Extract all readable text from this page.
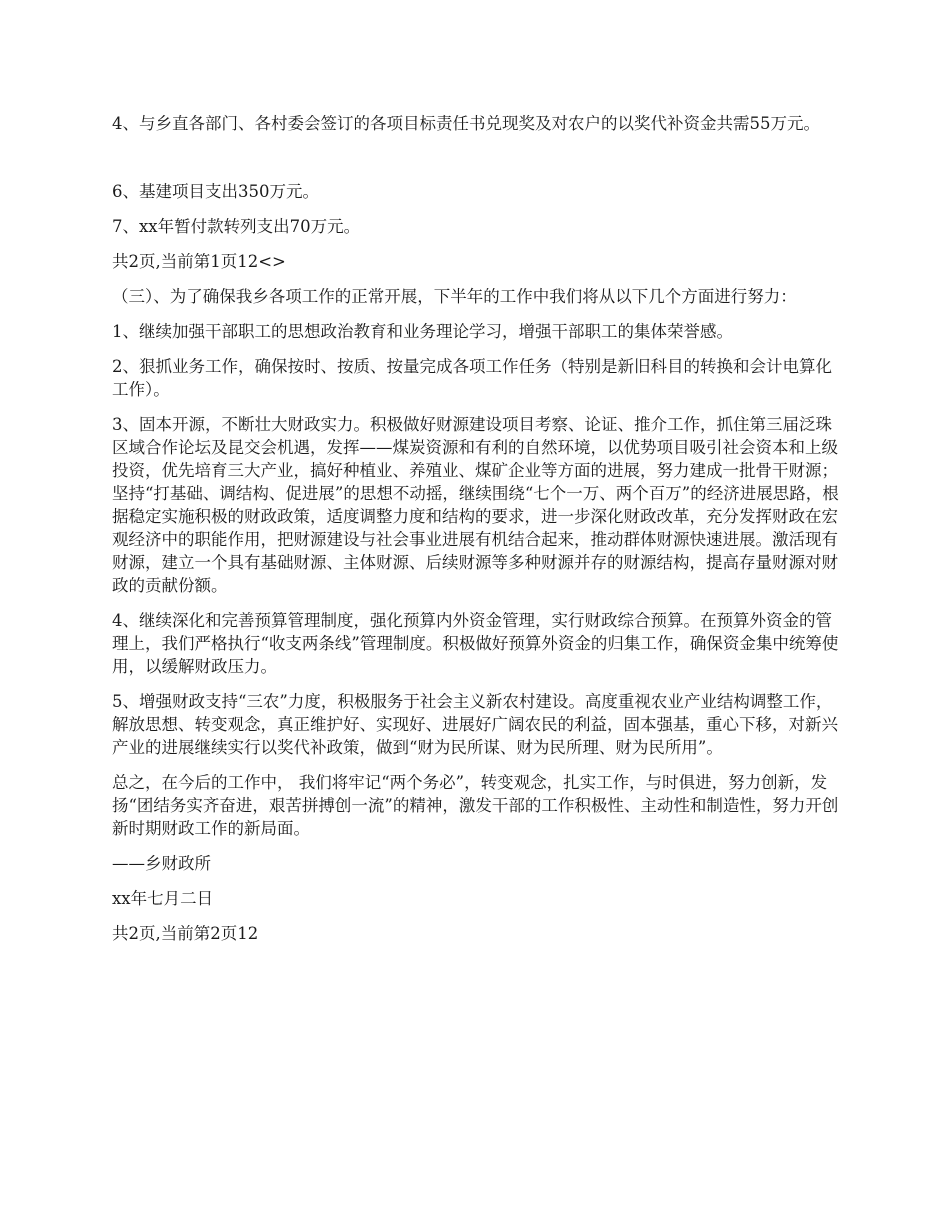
4、与乡直各部门、各村委会签订的各项目标责任书兑现奖及对农户的以奖代补资金共需55万元。

6、基建项目支出350万元。

7、xx年暂付款转列支出70万元。

共2页,当前第1页12<>

（三）、为了确保我乡各项工作的正常开展，下半年的工作中我们将从以下几个方面进行努力：

1、继续加强干部职工的思想政治教育和业务理论学习，增强干部职工的集体荣誉感。

2、狠抓业务工作，确保按时、按质、按量完成各项工作任务（特别是新旧科目的转换和会计电算化工作）。

3、固本开源，不断壮大财政实力。积极做好财源建设项目考察、论证、推介工作，抓住第三届泛珠区域合作论坛及昆交会机遇，发挥——煤炭资源和有利的自然环境，以优势项目吸引社会资本和上级投资，优先培育三大产业，搞好种植业、养殖业、煤矿企业等方面的进展，努力建成一批骨干财源；坚持“打基础、调结构、促进展”的思想不动摇，继续围绕“七个一万、两个百万”的经济进展思路，根据稳定实施积极的财政政策，适度调整力度和结构的要求，进一步深化财政改革，充分发挥财政在宏观经济中的职能作用，把财源建设与社会事业进展有机结合起来，推动群体财源快速进展。激活现有财源，建立一个具有基础财源、主体财源、后续财源等多种财源并存的财源结构，提高存量财源对财政的贡献份额。

4、继续深化和完善预算管理制度，强化预算内外资金管理，实行财政综合预算。在预算外资金的管理上，我们严格执行“收支两条线”管理制度。积极做好预算外资金的归集工作，确保资金集中统筹使用，以缓解财政压力。

5、增强财政支持“三农”力度，积极服务于社会主义新农村建设。高度重视农业产业结构调整工作，解放思想、转变观念，真正维护好、实现好、进展好广阔农民的利益，固本强基，重心下移，对新兴产业的进展继续实行以奖代补政策，做到“财为民所谋、财为民所理、财为民所用”。

总之，在今后的工作中， 我们将牢记“两个务必”，转变观念，扎实工作，与时俱进，努力创新，发扬“团结务实齐奋进，艰苦拼搏创一流”的精神，激发干部的工作积极性、主动性和制造性，努力开创新时期财政工作的新局面。

——乡财政所

xx年七月二日

共2页,当前第2页12
